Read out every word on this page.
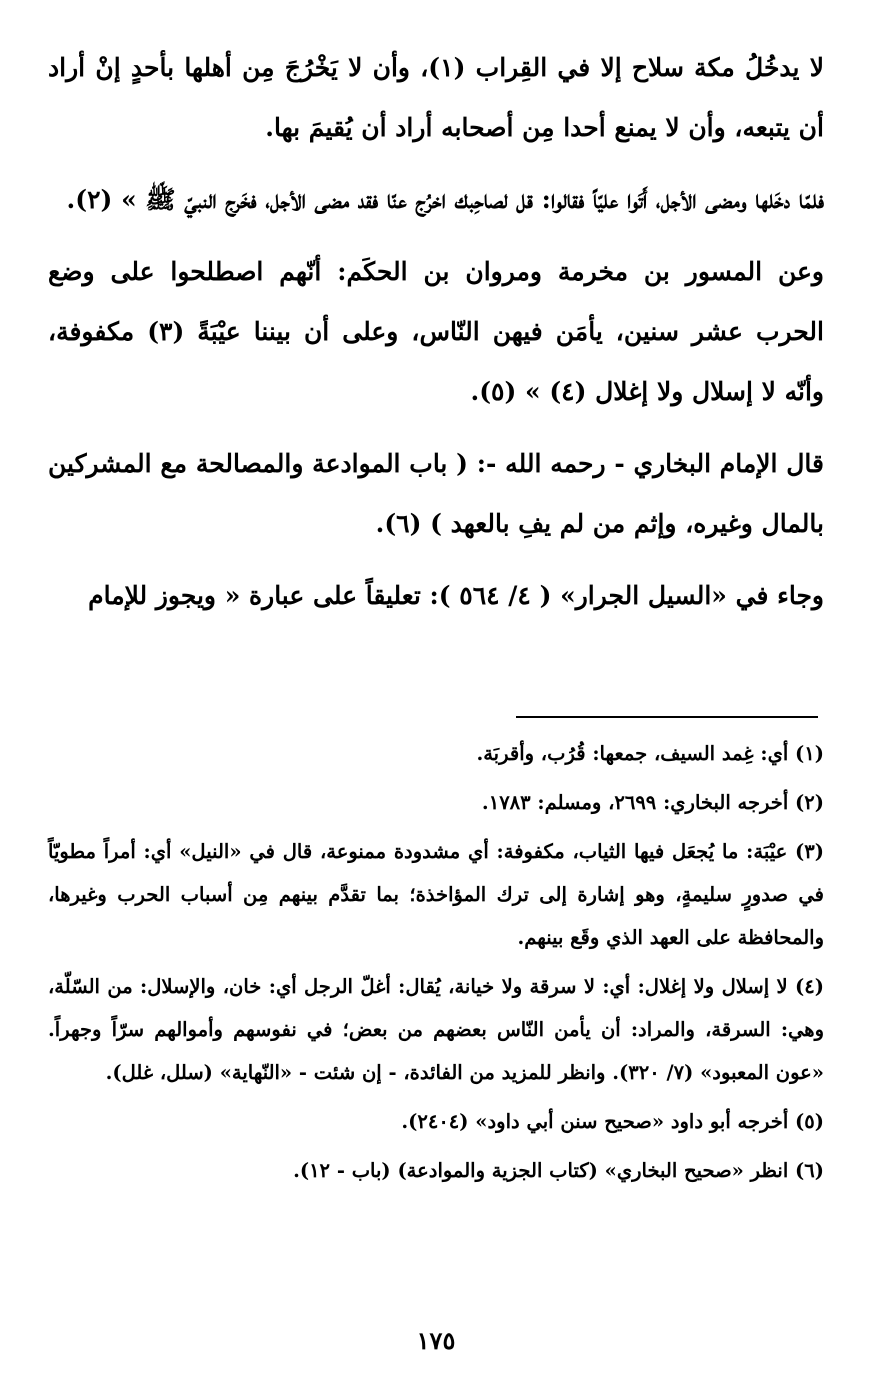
لا يدخُلُ مكة سلاح إلا في القِراب (١)، وأن لا يَخْرُجَ مِن أهلها بأحدٍ إنْ أراد أن يتبعه، وأن لا يمنع أحدا مِن أصحابه أراد أن يُقيمَ بها.

فلمّا دخَلها ومضى الأجل، أَتَوا عليّاً فقالوا: قل لصاحِبك اخرُج عنّا فقد مضى الأجل، فخَرج النبيّ ﷺ » (٢).

وعن المسور بن مخرمة ومروان بن الحكَم: أنّهم اصطلحوا على وضع الحرب عشر سنين، يأمَن فيهن النّاس، وعلى أن بيننا عيْبَةً (٣) مكفوفة، وأنّه لا إسلال ولا إغلال (٤) » (٥).

قال الإمام البخاري - رحمه الله -: ( باب الموادعة والمصالحة مع المشركين بالمال وغيره، وإثم من لم يفِ بالعهد ) (٦).

وجاء في «السيل الجرار» ( ٤/ ٥٦٤ ): تعليقاً على عبارة « ويجوز للإمام

(١) أي: غِمد السيف، جمعها: قُرُب، وأقربَة.

(٢) أخرجه البخاري: ٢٦٩٩، ومسلم: ١٧٨٣.

(٣) عيْبَة: ما يُجعَل فيها الثياب، مكفوفة: أي مشدودة ممنوعة، قال في «النيل» أي: أمراً مطويّاً في صدورٍ سليمةٍ، وهو إشارة إلى ترك المؤاخذة؛ بما تقدَّم بينهم مِن أسباب الحرب وغيرها، والمحافظة على العهد الذي وقَع بينهم.

(٤) لا إسلال ولا إغلال: أي: لا سرقة ولا خيانة، يُقال: أغلّ الرجل أي: خان، والإسلال: من السّلّة، وهي: السرقة، والمراد: أن يأمن النّاس بعضهم من بعض؛ في نفوسهم وأموالهم سرّاً وجهراً. «عون المعبود» (٧/ ٣٢٠). وانظر للمزيد من الفائدة، - إن شئت - «النّهاية» (سلل، غلل).

(٥) أخرجه أبو داود «صحيح سنن أبي داود» (٢٤٠٤).

(٦) انظر «صحيح البخاري» (كتاب الجزية والموادعة) (باب - ١٢).

١٧٥
